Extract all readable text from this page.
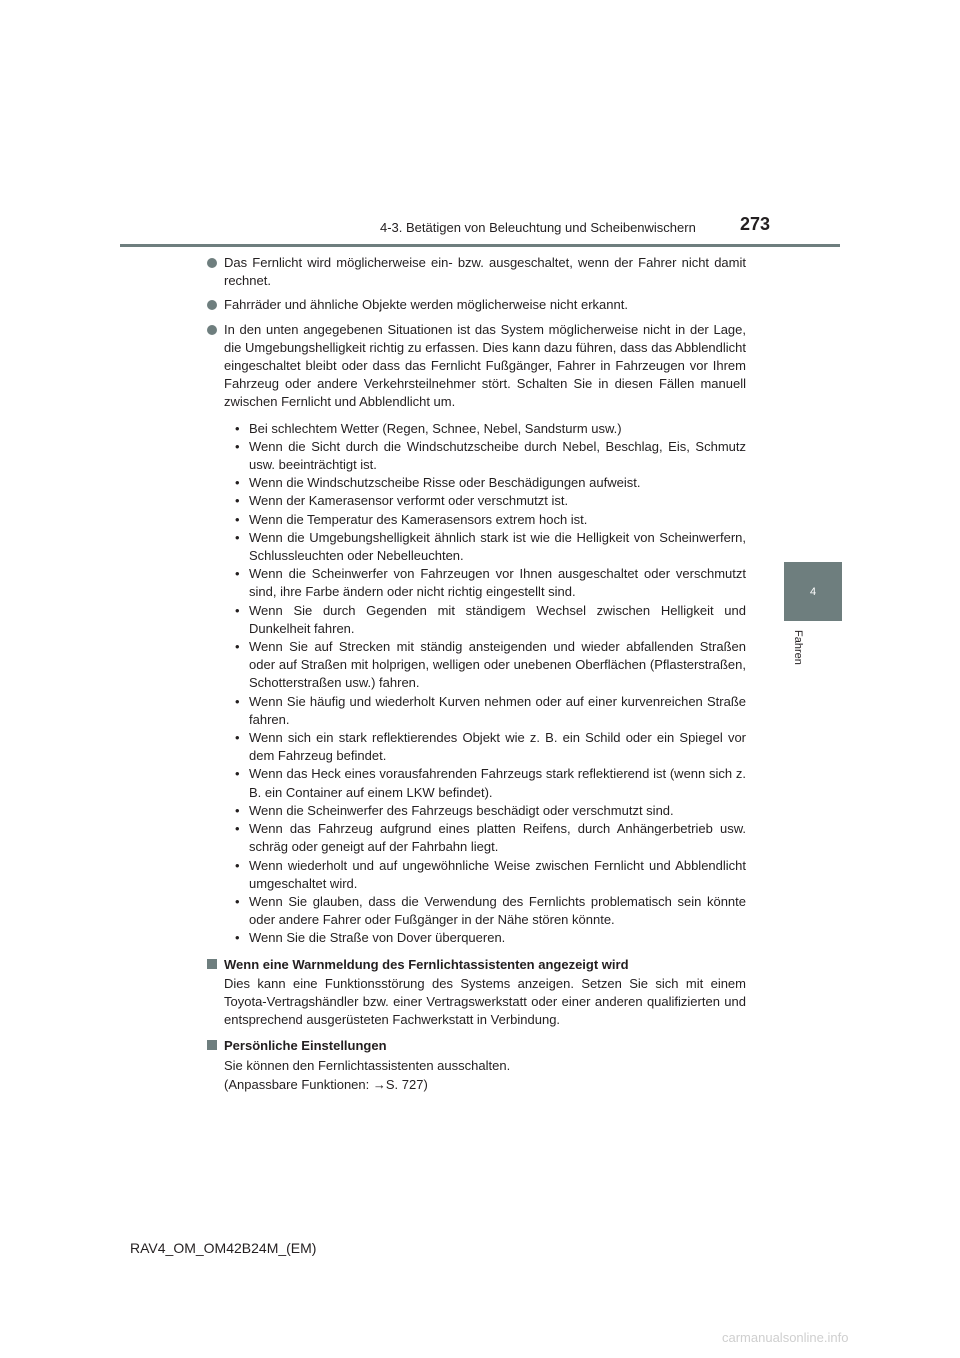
4-3. Betätigen von Beleuchtung und Scheibenwischern 273
4
Fahren
Das Fernlicht wird möglicherweise ein- bzw. ausgeschaltet, wenn der Fahrer nicht damit rechnet.
Fahrräder und ähnliche Objekte werden möglicherweise nicht erkannt.
In den unten angegebenen Situationen ist das System möglicherweise nicht in der Lage, die Umgebungshelligkeit richtig zu erfassen. Dies kann dazu führen, dass das Abblendlicht eingeschaltet bleibt oder dass das Fernlicht Fußgänger, Fahrer in Fahrzeugen vor Ihrem Fahrzeug oder andere Verkehrsteilnehmer stört. Schalten Sie in diesen Fällen manuell zwischen Fernlicht und Abblendlicht um.
• Bei schlechtem Wetter (Regen, Schnee, Nebel, Sandsturm usw.)
• Wenn die Sicht durch die Windschutzscheibe durch Nebel, Beschlag, Eis, Schmutz usw. beeinträchtigt ist.
• Wenn die Windschutzscheibe Risse oder Beschädigungen aufweist.
• Wenn der Kamerasensor verformt oder verschmutzt ist.
• Wenn die Temperatur des Kamerasensors extrem hoch ist.
• Wenn die Umgebungshelligkeit ähnlich stark ist wie die Helligkeit von Scheinwerfern, Schlussleuchten oder Nebelleuchten.
• Wenn die Scheinwerfer von Fahrzeugen vor Ihnen ausgeschaltet oder verschmutzt sind, ihre Farbe ändern oder nicht richtig eingestellt sind.
• Wenn Sie durch Gegenden mit ständigem Wechsel zwischen Helligkeit und Dunkelheit fahren.
• Wenn Sie auf Strecken mit ständig ansteigenden und wieder abfallenden Straßen oder auf Straßen mit holprigen, welligen oder unebenen Oberflächen (Pflasterstraßen, Schotterstraßen usw.) fahren.
• Wenn Sie häufig und wiederholt Kurven nehmen oder auf einer kurvenreichen Straße fahren.
• Wenn sich ein stark reflektierendes Objekt wie z. B. ein Schild oder ein Spiegel vor dem Fahrzeug befindet.
• Wenn das Heck eines vorausfahrenden Fahrzeugs stark reflektierend ist (wenn sich z. B. ein Container auf einem LKW befindet).
• Wenn die Scheinwerfer des Fahrzeugs beschädigt oder verschmutzt sind.
• Wenn das Fahrzeug aufgrund eines platten Reifens, durch Anhängerbetrieb usw. schräg oder geneigt auf der Fahrbahn liegt.
• Wenn wiederholt und auf ungewöhnliche Weise zwischen Fernlicht und Abblendlicht umgeschaltet wird.
• Wenn Sie glauben, dass die Verwendung des Fernlichts problematisch sein könnte oder andere Fahrer oder Fußgänger in der Nähe stören könnte.
• Wenn Sie die Straße von Dover überqueren.
Wenn eine Warnmeldung des Fernlichtassistenten angezeigt wird
Dies kann eine Funktionsstörung des Systems anzeigen. Setzen Sie sich mit einem Toyota-Vertragshändler bzw. einer Vertragswerkstatt oder einer anderen qualifizierten und entsprechend ausgerüsteten Fachwerkstatt in Verbindung.
Persönliche Einstellungen
Sie können den Fernlichtassistenten ausschalten.
(Anpassbare Funktionen: →S. 727)
RAV4_OM_OM42B24M_(EM)
carmanualsonline.info
